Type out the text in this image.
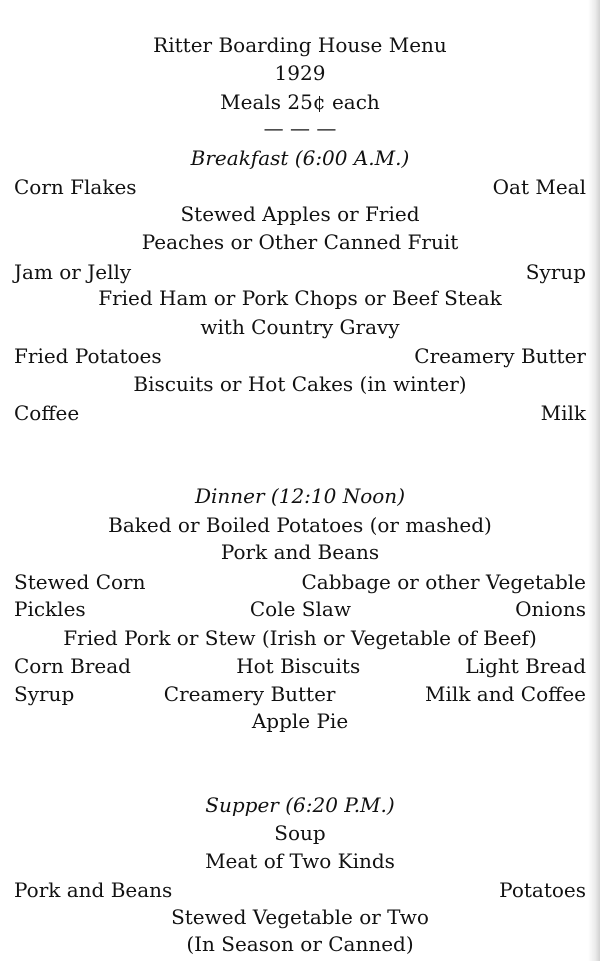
Ritter Boarding House Menu
1929
Meals 25¢ each
— — —
Breakfast (6:00 A.M.)
Corn Flakes	Oat Meal
Stewed Apples or Fried
Peaches or Other Canned Fruit
Jam or Jelly	Syrup
Fried Ham or Pork Chops or Beef Steak
with Country Gravy
Fried Potatoes	Creamery Butter
Biscuits or Hot Cakes (in winter)
Coffee	Milk
Dinner (12:10 Noon)
Baked or Boiled Potatoes (or mashed)
Pork and Beans
Stewed Corn	Cabbage or other Vegetable
Pickles	Cole Slaw	Onions
Fried Pork or Stew (Irish or Vegetable of Beef)
Corn Bread	Hot Biscuits	Light Bread
Syrup	Creamery Butter	Milk and Coffee
Apple Pie
Supper (6:20 P.M.)
Soup
Meat of Two Kinds
Pork and Beans	Potatoes
Stewed Vegetable or Two
(In Season or Canned)
